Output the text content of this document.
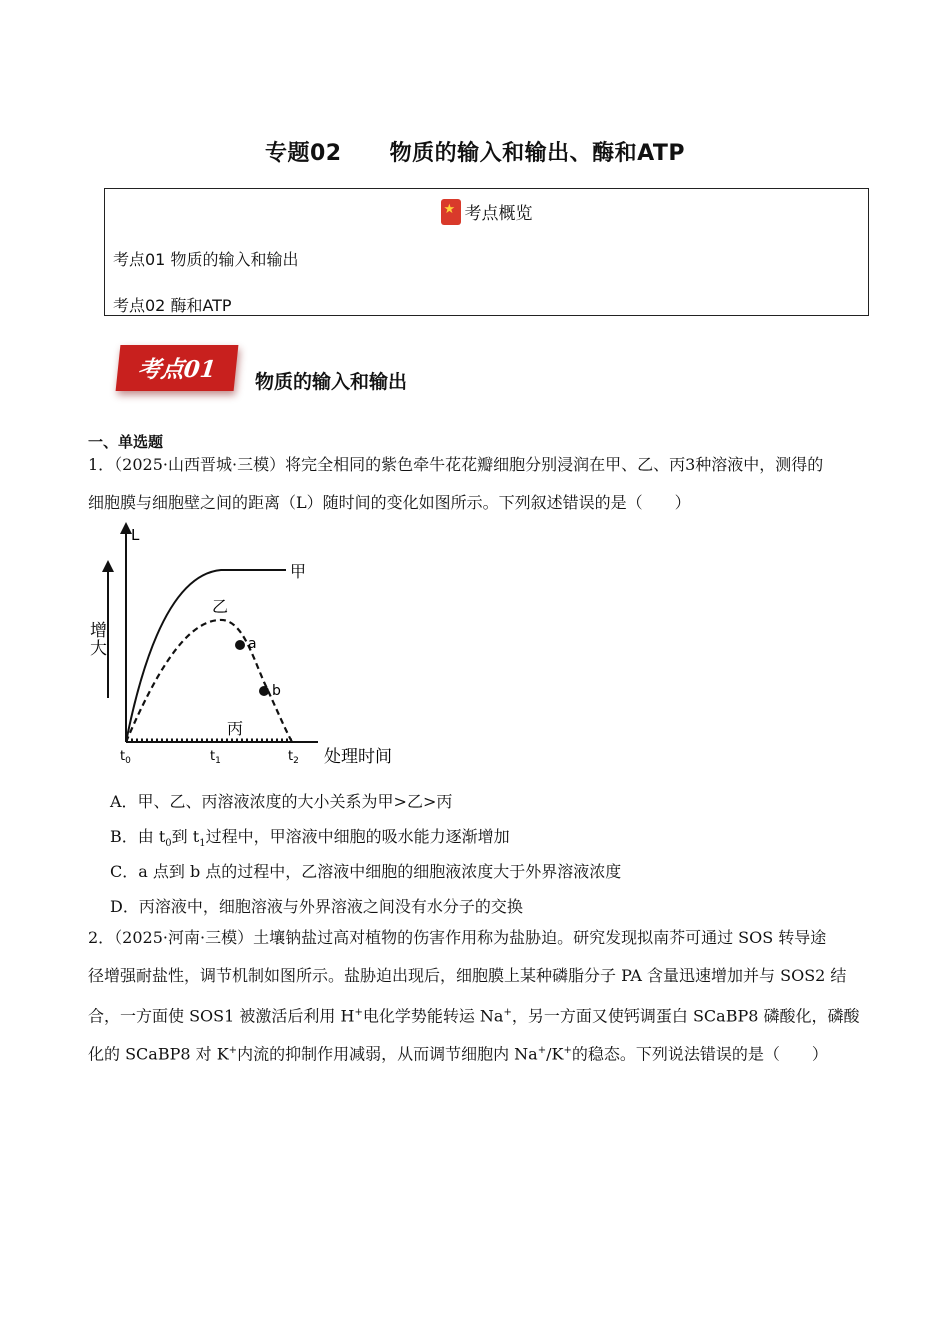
专题02 物质的输入和输出、酶和ATP
★考点概览
考点01 物质的输入和输出
考点02 酶和ATP
考点01	物质的输入和输出
一、单选题
1．（2025·山西晋城·三模）将完全相同的紫色牵牛花花瓣细胞分别浸润在甲、乙、丙3种溶液中，测得的
细胞膜与细胞壁之间的距离（L）随时间的变化如图所示。下列叙述错误的是（　　）
L
增
大
处理时间
$t_0$	$t_1$	$t_2$
甲
乙
a
b
丙
A．甲、乙、丙溶液浓度的大小关系为甲>乙>丙
B．由 $t_0$到 $t_1$过程中，甲溶液中细胞的吸水能力逐渐增加
C．a 点到 b 点的过程中，乙溶液中细胞的细胞液浓度大于外界溶液浓度
D．丙溶液中，细胞溶液与外界溶液之间没有水分子的交换
2．（2025·河南·三模）土壤钠盐过高对植物的伤害作用称为盐胁迫。研究发现拟南芥可通过 SOS 转导途
径增强耐盐性，调节机制如图所示。盐胁迫出现后，细胞膜上某种磷脂分子 PA 含量迅速增加并与 SOS2 结
合，一方面使 SOS1 被激活后利用 H+电化学势能转运 Na+，另一方面又使钙调蛋白 SCaBP8 磷酸化，磷酸
化的 SCaBP8 对 K+内流的抑制作用减弱，从而调节细胞内 Na+/K+的稳态。下列说法错误的是（　　）
